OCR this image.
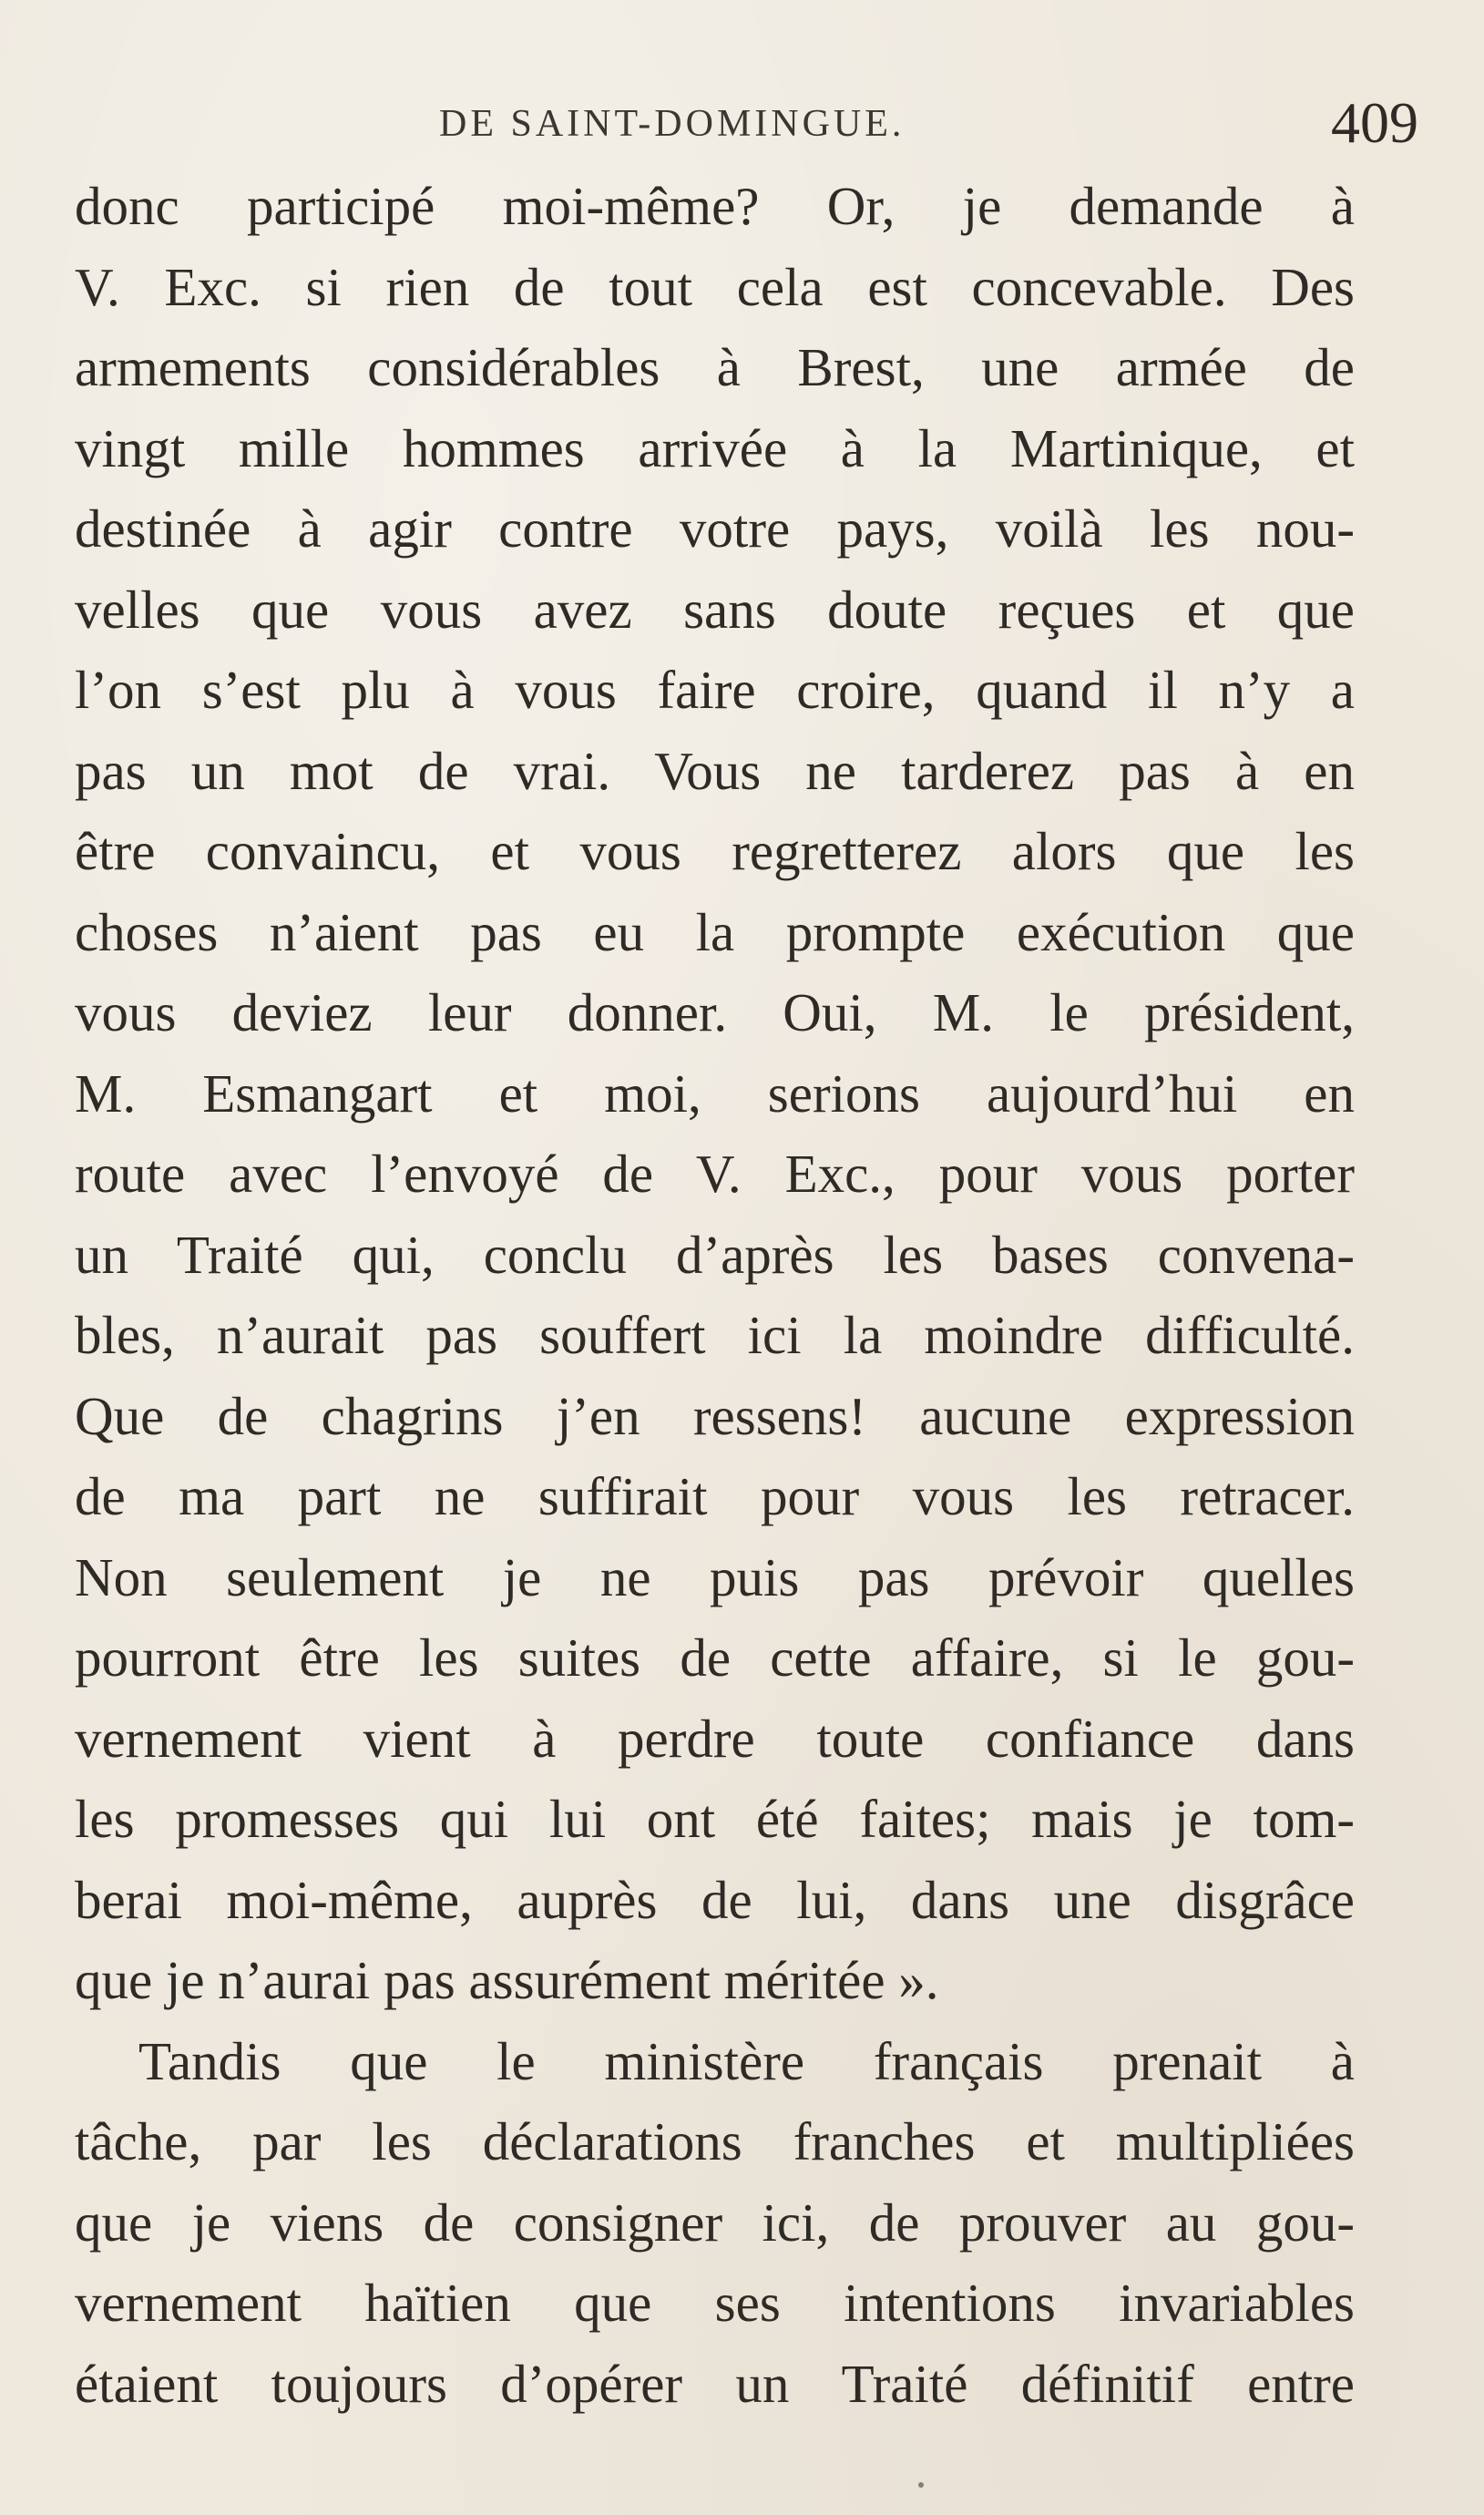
DE SAINT-DOMINGUE.	409
donc participé moi-même? Or, je demande à
V. Exc. si rien de tout cela est concevable. Des
armements considérables à Brest, une armée de
vingt mille hommes arrivée à la Martinique, et
destinée à agir contre votre pays, voilà les nou-
velles que vous avez sans doute reçues et que
l’on s’est plu à vous faire croire, quand il n’y a
pas un mot de vrai. Vous ne tarderez pas à en
être convaincu, et vous regretterez alors que les
choses n’aient pas eu la prompte exécution que
vous deviez leur donner. Oui, M. le président,
M. Esmangart et moi, serions aujourd’hui en
route avec l’envoyé de V. Exc., pour vous porter
un Traité qui, conclu d’après les bases convena-
bles, n’aurait pas souffert ici la moindre difficulté.
Que de chagrins j’en ressens! aucune expression
de ma part ne suffirait pour vous les retracer.
Non seulement je ne puis pas prévoir quelles
pourront être les suites de cette affaire, si le gou-
vernement vient à perdre toute confiance dans
les promesses qui lui ont été faites; mais je tom-
berai moi-même, auprès de lui, dans une disgrâce
que je n’aurai pas assurément méritée ».
Tandis que le ministère français prenait à
tâche, par les déclarations franches et multipliées
que je viens de consigner ici, de prouver au gou-
vernement haïtien que ses intentions invariables
étaient toujours d’opérer un Traité définitif entre
